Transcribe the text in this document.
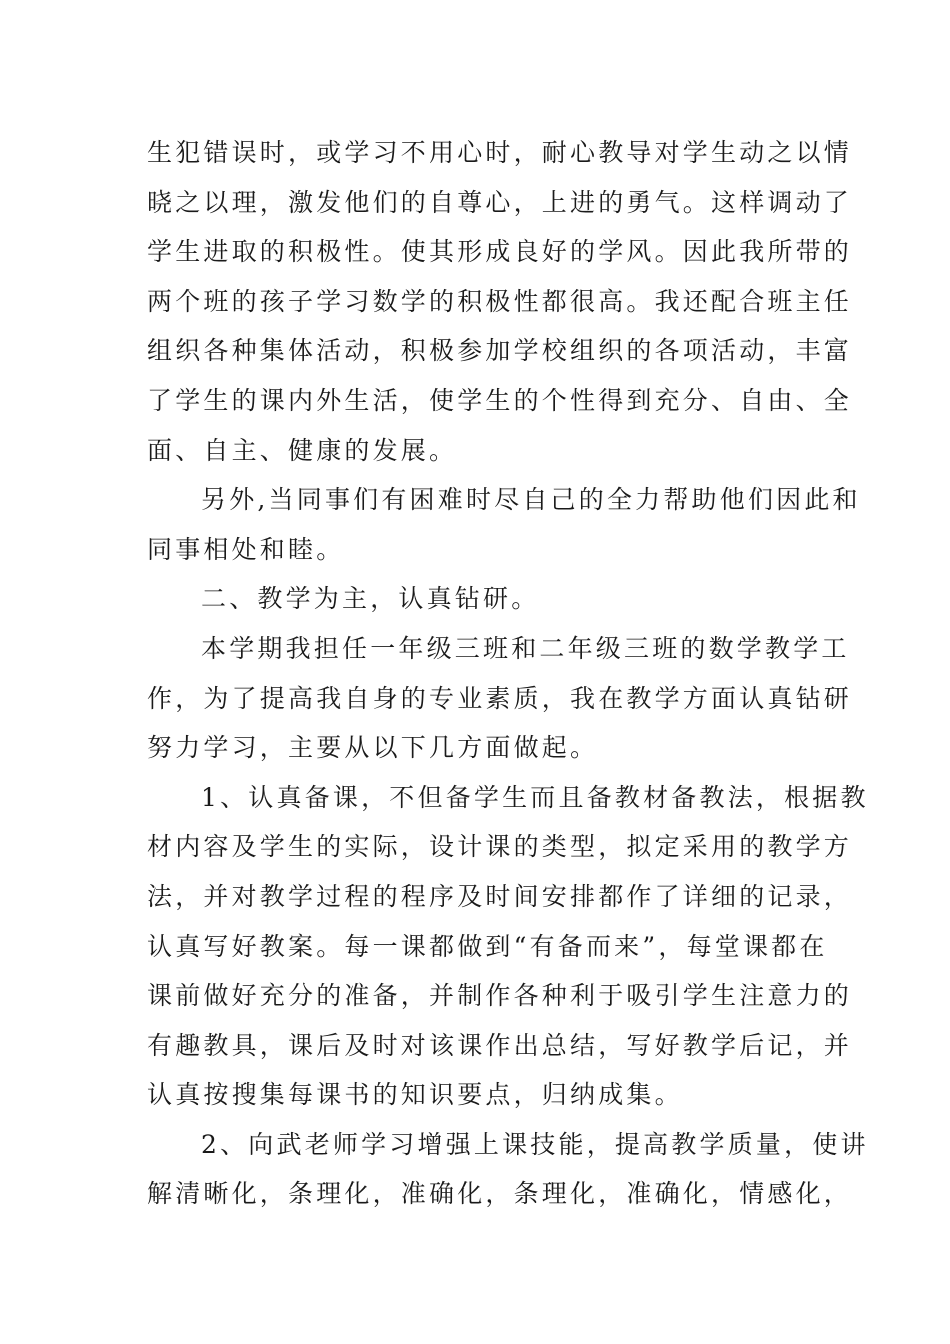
生犯错误时，或学习不用心时，耐心教导对学生动之以情
晓之以理，激发他们的自尊心，上进的勇气。这样调动了
学生进取的积极性。使其形成良好的学风。因此我所带的
两个班的孩子学习数学的积极性都很高。我还配合班主任
组织各种集体活动，积极参加学校组织的各项活动，丰富
了学生的课内外生活，使学生的个性得到充分、自由、全
面、自主、健康的发展。
另外,当同事们有困难时尽自己的全力帮助他们因此和
同事相处和睦。
二、教学为主，认真钻研。
本学期我担任一年级三班和二年级三班的数学教学工
作，为了提高我自身的专业素质，我在教学方面认真钻研
努力学习，主要从以下几方面做起。
1、认真备课，不但备学生而且备教材备教法，根据教
材内容及学生的实际，设计课的类型，拟定采用的教学方
法，并对教学过程的程序及时间安排都作了详细的记录，
认真写好教案。每一课都做到“有备而来”，每堂课都在
课前做好充分的准备，并制作各种利于吸引学生注意力的
有趣教具，课后及时对该课作出总结，写好教学后记，并
认真按搜集每课书的知识要点，归纳成集。
2、向武老师学习增强上课技能，提高教学质量，使讲
解清晰化，条理化，准确化，条理化，准确化，情感化，
